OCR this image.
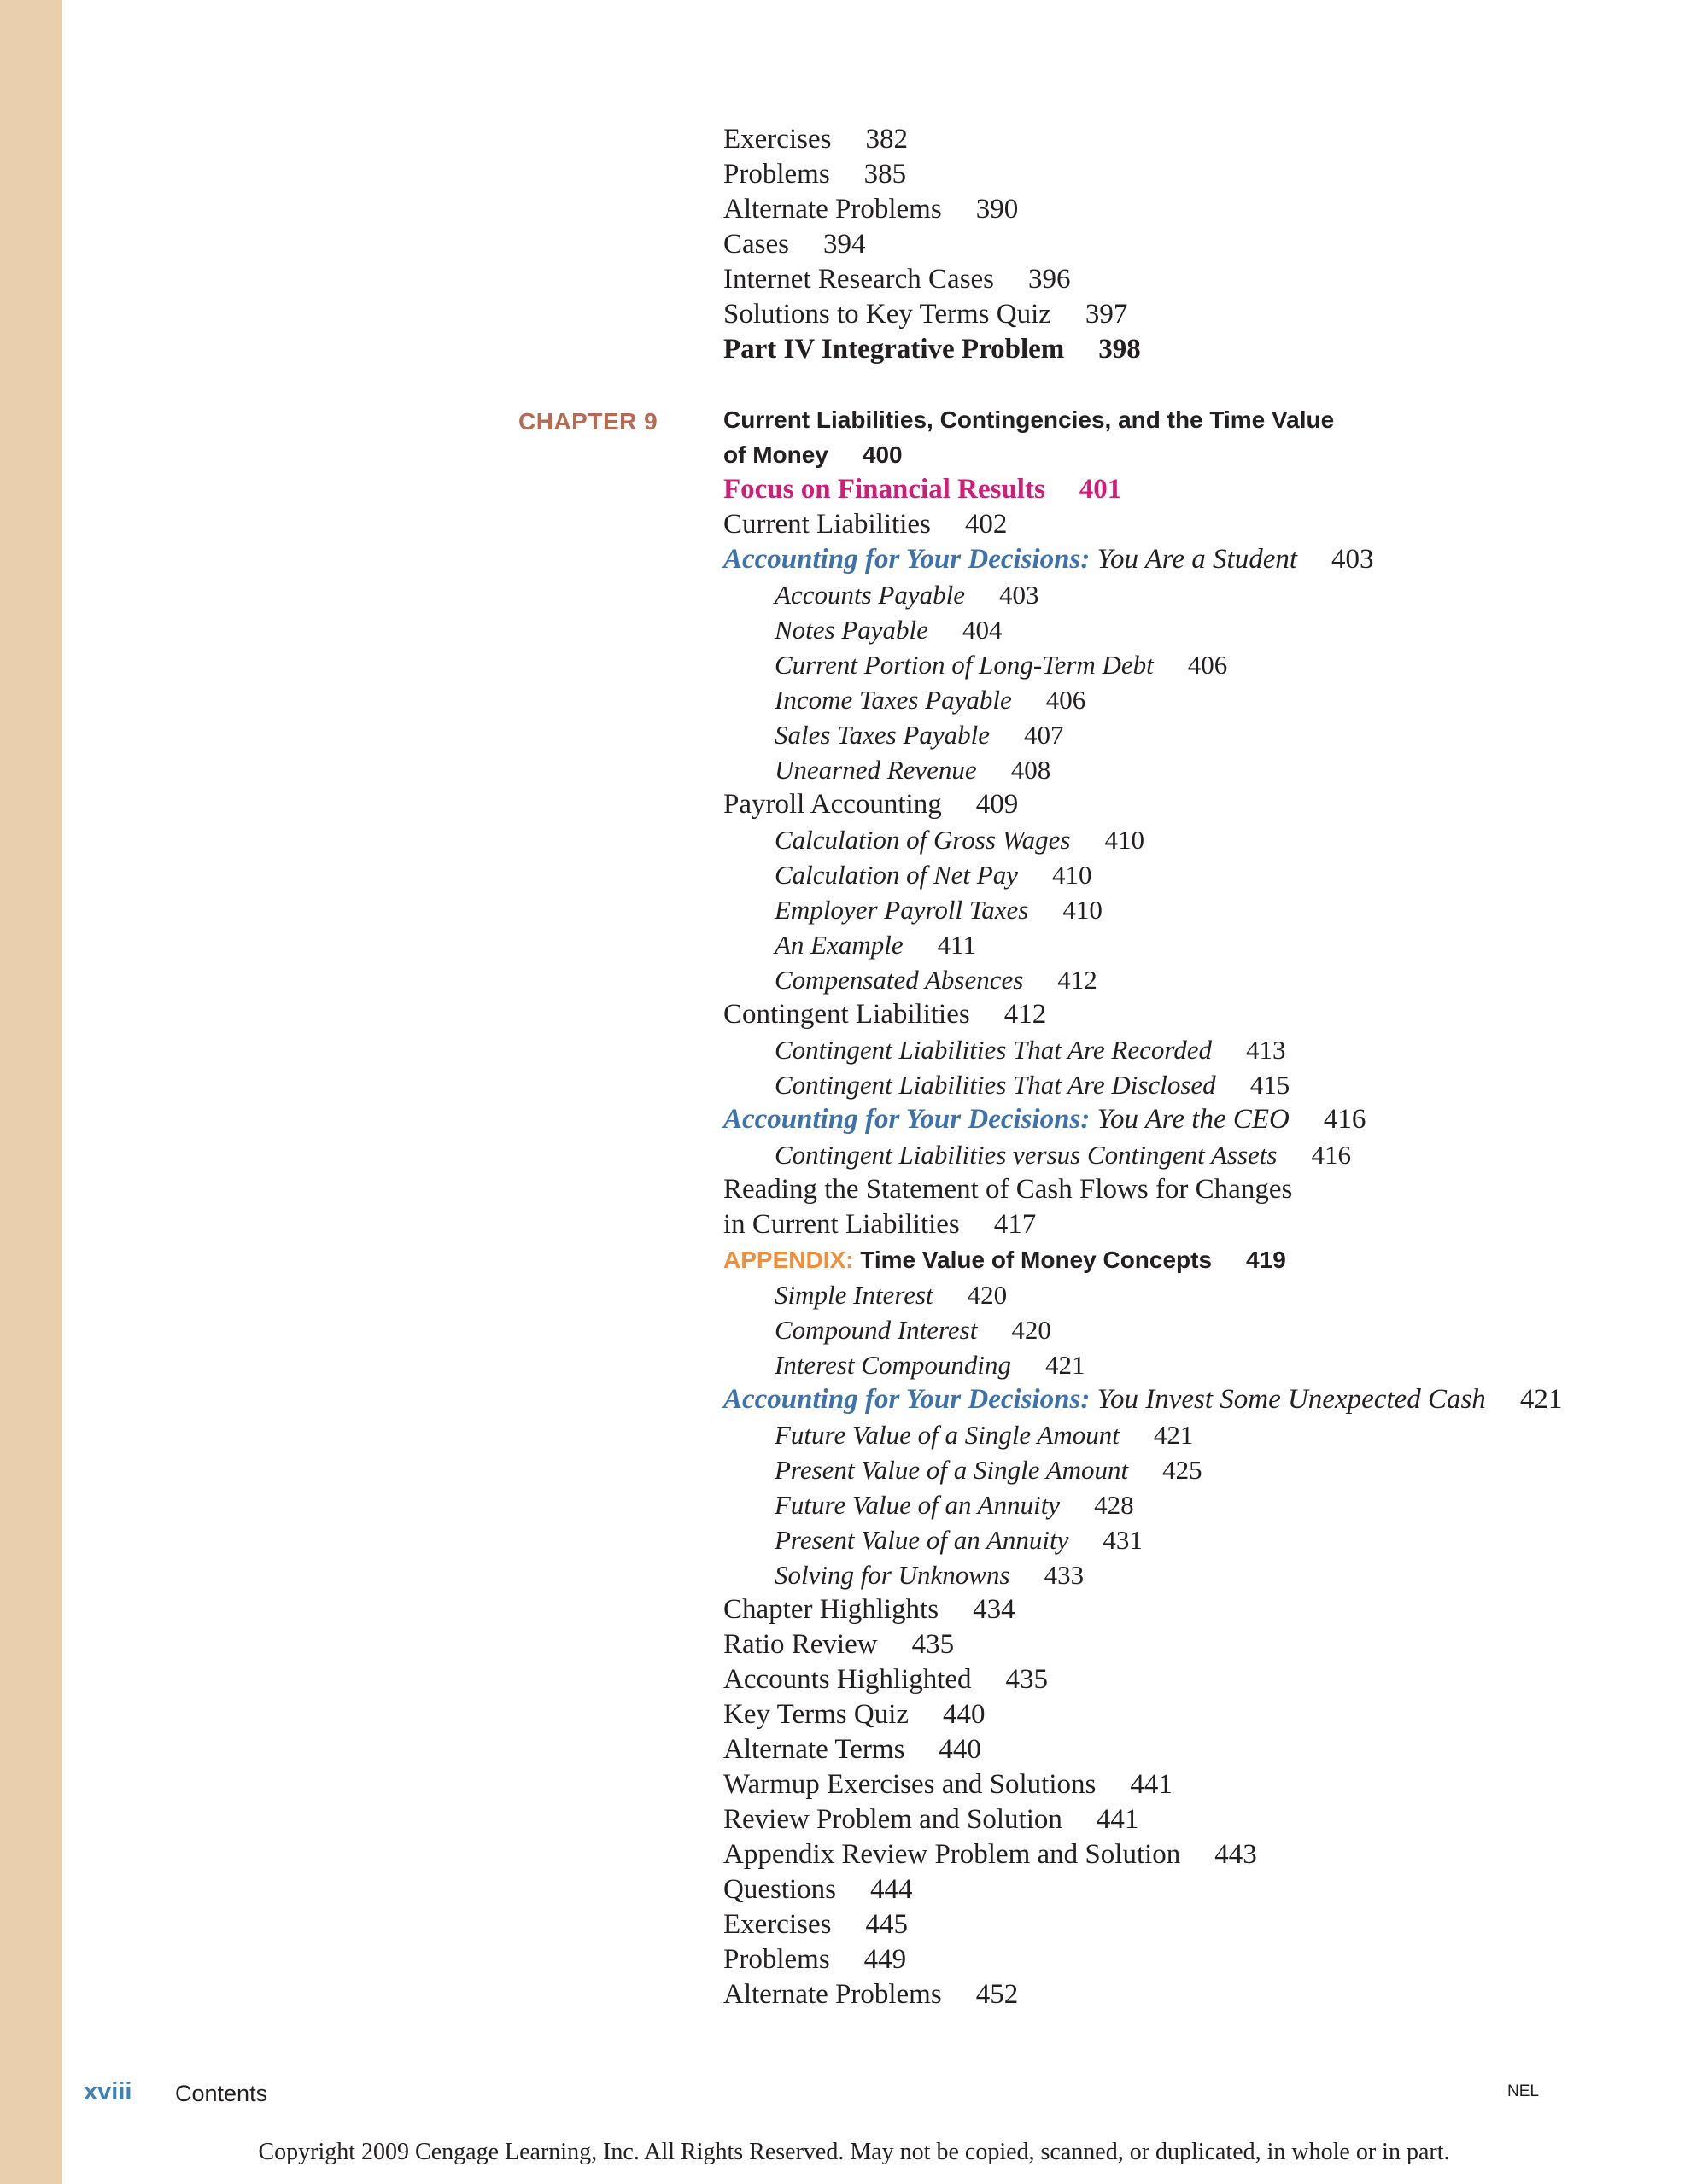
CHAPTER 9
Exercises 382
Problems 385
Alternate Problems 390
Cases 394
Internet Research Cases 396
Solutions to Key Terms Quiz 397
Part IV Integrative Problem 398
Current Liabilities, Contingencies, and the Time Value
of Money 400
Focus on Financial Results 401
Current Liabilities 402
Accounting for Your Decisions: You Are a Student 403
Accounts Payable 403
Notes Payable 404
Current Portion of Long-Term Debt 406
Income Taxes Payable 406
Sales Taxes Payable 407
Unearned Revenue 408
Payroll Accounting 409
Calculation of Gross Wages 410
Calculation of Net Pay 410
Employer Payroll Taxes 410
An Example 411
Compensated Absences 412
Contingent Liabilities 412
Contingent Liabilities That Are Recorded 413
Contingent Liabilities That Are Disclosed 415
Accounting for Your Decisions: You Are the CEO 416
Contingent Liabilities versus Contingent Assets 416
Reading the Statement of Cash Flows for Changes
in Current Liabilities 417
APPENDIX: Time Value of Money Concepts 419
Simple Interest 420
Compound Interest 420
Interest Compounding 421
Accounting for Your Decisions: You Invest Some Unexpected Cash 421
Future Value of a Single Amount 421
Present Value of a Single Amount 425
Future Value of an Annuity 428
Present Value of an Annuity 431
Solving for Unknowns 433
Chapter Highlights 434
Ratio Review 435
Accounts Highlighted 435
Key Terms Quiz 440
Alternate Terms 440
Warmup Exercises and Solutions 441
Review Problem and Solution 441
Appendix Review Problem and Solution 443
Questions 444
Exercises 445
Problems 449
Alternate Problems 452
xviii Contents	NEL
Copyright 2009 Cengage Learning, Inc. All Rights Reserved. May not be copied, scanned, or duplicated, in whole or in part.
